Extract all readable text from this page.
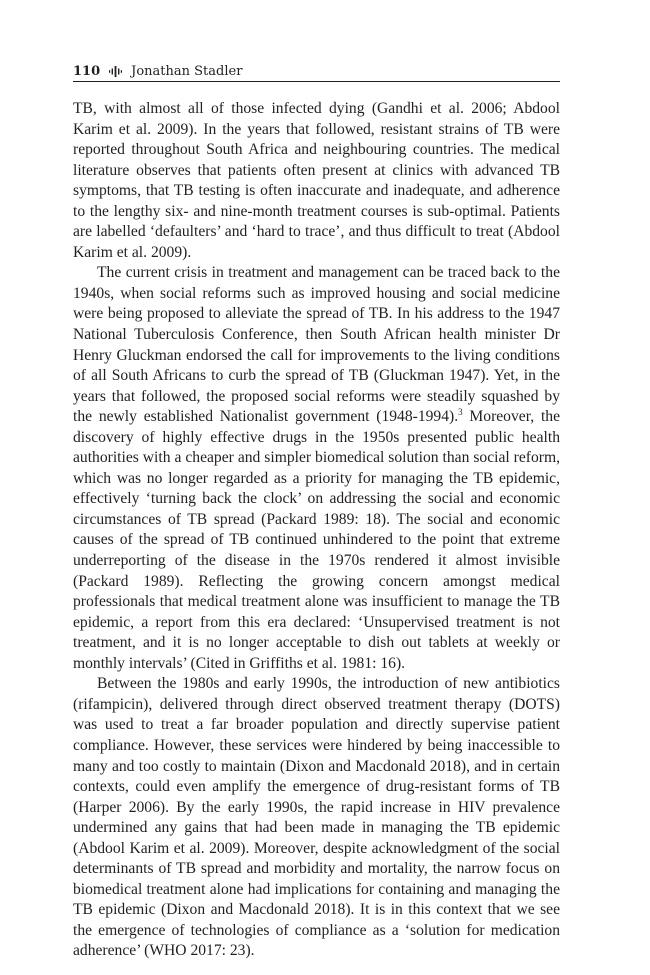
110 Jonathan Stadler

TB, with almost all of those infected dying (Gandhi et al. 2006; Abdool Karim et al. 2009). In the years that followed, resistant strains of TB were reported throughout South Africa and neighbouring countries. The medical literature observes that patients often present at clinics with advanced TB symptoms, that TB testing is often inaccurate and inadequate, and adherence to the lengthy six- and nine-month treatment courses is sub-optimal. Patients are labelled ‘defaulters’ and ‘hard to trace’, and thus difficult to treat (Abdool Karim et al. 2009).

The current crisis in treatment and management can be traced back to the 1940s, when social reforms such as improved housing and social medicine were being proposed to alleviate the spread of TB. In his address to the 1947 National Tuberculosis Conference, then South African health minister Dr Henry Gluckman endorsed the call for improvements to the living conditions of all South Africans to curb the spread of TB (Gluckman 1947). Yet, in the years that followed, the proposed social reforms were steadily squashed by the newly established Nationalist government (1948-1994).$^3$ Moreover, the discovery of highly effective drugs in the 1950s presented public health authorities with a cheaper and simpler biomedical solution than social reform, which was no longer regarded as a priority for managing the TB epidemic, effectively ‘turning back the clock’ on addressing the social and economic circumstances of TB spread (Packard 1989: 18). The social and economic causes of the spread of TB continued unhindered to the point that extreme underreporting of the disease in the 1970s rendered it almost invisible (Packard 1989). Reflecting the growing concern amongst medical professionals that medical treatment alone was insufficient to manage the TB epidemic, a report from this era declared: ‘Unsupervised treatment is not treatment, and it is no longer acceptable to dish out tablets at weekly or monthly intervals’ (Cited in Griffiths et al. 1981: 16).

Between the 1980s and early 1990s, the introduction of new antibiotics (rifampicin), delivered through direct observed treatment therapy (DOTS) was used to treat a far broader population and directly supervise patient compliance. However, these services were hindered by being inaccessible to many and too costly to maintain (Dixon and Macdonald 2018), and in certain contexts, could even amplify the emergence of drug-resistant forms of TB (Harper 2006). By the early 1990s, the rapid increase in HIV prevalence undermined any gains that had been made in managing the TB epidemic (Abdool Karim et al. 2009). Moreover, despite acknowledgment of the social determinants of TB spread and morbidity and mortality, the narrow focus on biomedical treatment alone had implications for containing and managing the TB epidemic (Dixon and Macdonald 2018). It is in this context that we see the emergence of technologies of compliance as a ‘solution for medication adherence’ (WHO 2017: 23).
